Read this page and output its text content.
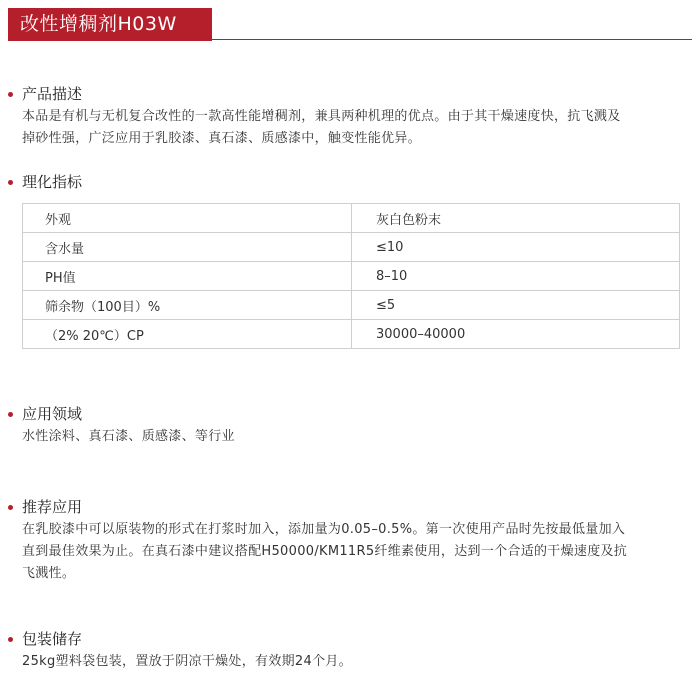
改性增稠剂H03W
产品描述
本品是有机与无机复合改性的一款高性能增稠剂，兼具两种机理的优点。由于其干燥速度快，抗飞溅及
掉砂性强，广泛应用于乳胶漆、真石漆、质感漆中，触变性能优异。
理化指标
外观	灰白色粉末
含水量	≤10
PH值	8–10
筛余物（100目）%	≤5
（2% 20℃）CP	30000–40000
应用领域
水性涂料、真石漆、质感漆、等行业
推荐应用
在乳胶漆中可以原装物的形式在打浆时加入，添加量为0.05–0.5%。第一次使用产品时先按最低量加入
直到最佳效果为止。在真石漆中建议搭配H50000/KM11R5纤维素使用，达到一个合适的干燥速度及抗
飞溅性。
包装储存
25kg塑料袋包装，置放于阴凉干燥处，有效期24个月。
